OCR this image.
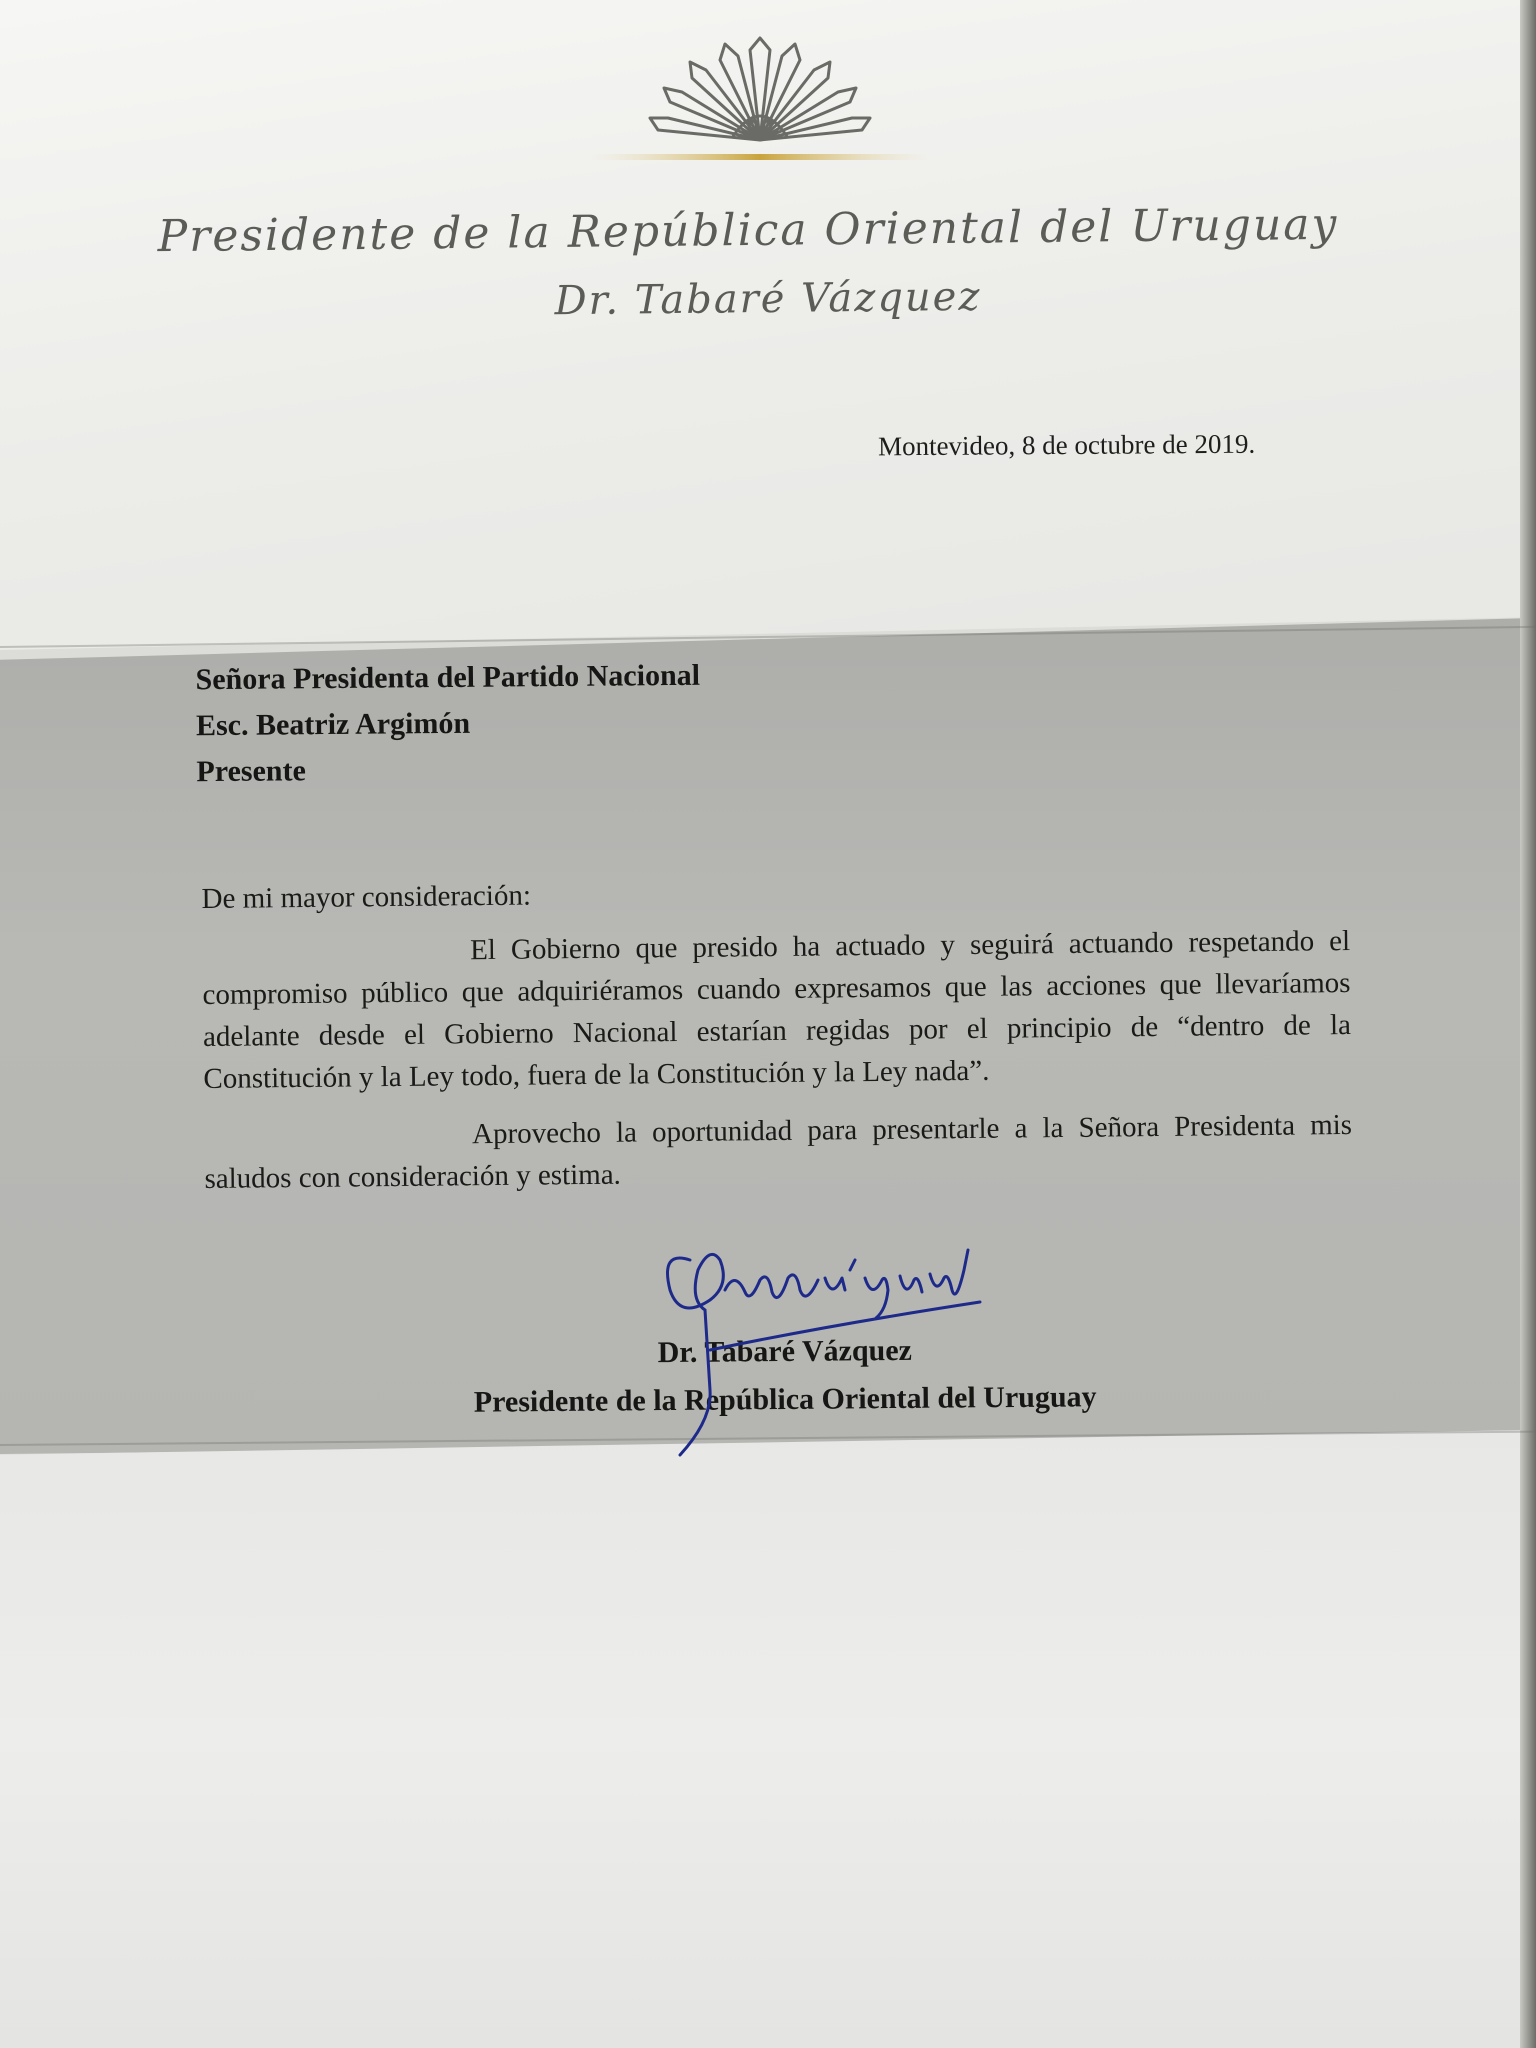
Presidente de la República Oriental del Uruguay
Dr. Tabaré Vázquez
Montevideo, 8 de octubre de 2019.
Señora Presidenta del Partido Nacional
Esc. Beatriz Argimón
Presente

De mi mayor consideración:

El Gobierno que presido ha actuado y seguirá actuando respetando el compromiso público que adquiriéramos cuando expresamos que las acciones que llevaríamos adelante desde el Gobierno Nacional estarían regidas por el principio de “dentro de la Constitución y la Ley todo, fuera de la Constitución y la Ley nada”.

Aprovecho la oportunidad para presentarle a la Señora Presidenta mis saludos con consideración y estima.

Dr. Tabaré Vázquez
Presidente de la República Oriental del Uruguay
